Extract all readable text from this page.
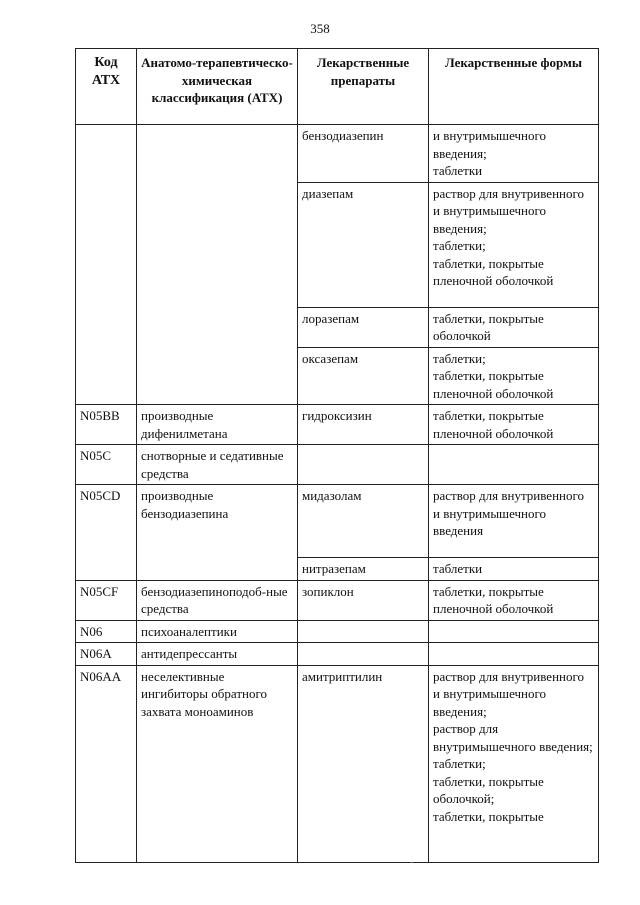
358
Код АТХ	Анатомо-терапевтическо-химическая классификация (АТХ)	Лекарственные препараты	Лекарственные формы
		бензодиазепин	и внутримышечного введения;
таблетки
		диазепам	раствор для внутривенного
и внутримышечного введения;
таблетки;
таблетки, покрытые пленочной оболочкой
		лоразепам	таблетки, покрытые оболочкой
		оксазепам	таблетки;
таблетки, покрытые пленочной оболочкой
N05BB	производные дифенилметана	гидроксизин	таблетки, покрытые пленочной оболочкой
N05C	снотворные и седативные средства		
N05CD	производные бензодиазепина	мидазолам	раствор для внутривенного и внутримышечного введения
		нитразепам	таблетки
N05CF	бензодиазепиноподоб-ные средства	зопиклон	таблетки, покрытые пленочной оболочкой
N06	психоаналептики		
N06A	антидепрессанты		
N06AA	неселективные ингибиторы обратного захвата моноаминов	амитриптилин	раствор для внутривенного и внутримышечного введения;
раствор для внутримышечного введения;
таблетки;
таблетки, покрытые оболочкой;
таблетки, покрытые
